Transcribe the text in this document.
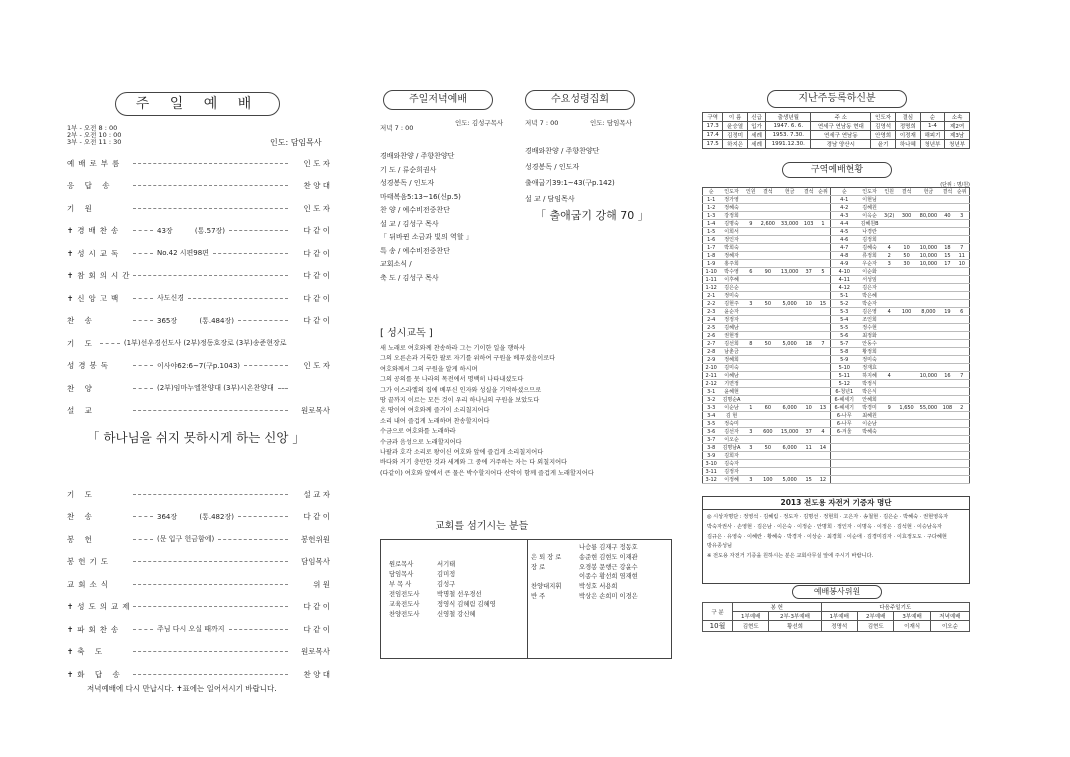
주 일 예 배
1부 - 오전 8 : 00
2부 - 오전 10 : 00
3부 - 오전 11 : 30	인도: 담임목사
예배로부름	인 도 자
응 답 송	찬 양 대
기 원	인 도 자
✝경배찬송	43장          (통.57장)	다 같 이
✝성시교독	No.42 시편98편	다 같 이
✝참회의시간	다 같 이
✝신앙고백	사도신경	다 같 이
찬 송	365장          (통.484장)	다 같 이
기 도	(1부)선우경선도사 (2부)정동호장로 (3부)송준현장로
성경봉독	이사야62:6~7(구p.1043)	인 도 자
찬 양	(2부)임마누엘찬양대 (3부)시온찬양대
설 교	원로목사
「 하나님을 쉬지 못하시게 하는 신앙 」
기 도	설 교 자
찬 송	364장          (통.482장)	다 같 이
봉 헌	(문 입구 헌금함에)	봉헌위원
봉헌기도	담임목사
교회소식	위 원
✝성도의교제	다 같 이
✝파회찬송	주님 다시 오실 때까지	다 같 이
✝축 도	원로목사
✝화 답 송	찬 양 대
저녁예배에 다시 만납시다. ✝표에는 일어서시기 바랍니다.
주일저녁예배	수요성령집회
저녁 7 : 00
인도: 김성구목사
경배와찬양 / 주향찬양단
기 도 / 류순희권사
성경봉독 / 인도자
마태복음5:13~16(신p.5)
찬 양 / 예수비전중찬단
설 교 / 김성구 목사
「 뒤바뀐 소금과 빛의 역할 」
특 송 / 예수비전중찬단
교회소식 /
축 도 / 김성구 목사
저녁 7 : 00	인도: 담임목사
경배와찬양 / 주향찬양단
성경봉독 / 인도자
출애굽기39:1~43(구p.142)
설 교 / 담임목사
「 출애굽기 강해 70 」
[ 성시교독 ]
새 노래로 여호와께 찬송하라 그는 기이한 일을 행하사
그의 오른손과 거룩한 팔로 자기를 위하여 구원을 베푸셨음이로다
여호와께서 그의 구원을 알게 하시며
그의 공의를 뭇 나라의 목전에서 명백히 나타내셨도다
그가 이스라엘의 집에 베푸신 인자와 성실을 기억하셨으므로
땅 끝까지 이르는 모든 것이 우리 하나님의 구원을 보았도다
온 땅이여 여호와께 즐거이 소리칠지어다
소리 내어 즐겁게 노래하며 찬송할지어다
수금으로 여호와를 노래하라
수금과 음성으로 노래할지어다
나팔과 호각 소리로 왕이신 여호와 앞에 즐겁게 소리칠지어다
바다와 거기 충만한 것과 세계와 그 중에 거주하는 자는 다 외칠지어다
(다같이) 여호와 앞에서 큰 물은 박수할지어다 산악이 함께 즐겁게 노래할지어다
교회를 섬기시는 분들
원로목사	서기태
담임목사	김미정
부 목 사	김성구
전임전도사	박명철 선우경선
교육전도사	정영식 김혜림 김혜영
찬양전도사	신영철 강신혜
나승룡 김재구 정동호
은 퇴 장 로	송준현 김현도 이재관
장 로	오경봉 문행근 강윤수
이종수 황선희 염재현
찬양대지휘	박성호 서용희
반 주	박상은 손희미 이경은
지난주등록하신분
구역	이 름	신급	출생년월	주 소	인도자	결심	순	소속
17.3	윤승열	입가	1947. 6. 6.	연세구 연남동 현대	김영석	정명희	1-4	제2여
17.4	김정미	세례	1953. 7.30.	연세구 연남동	안영희	이정재	해피기	제3남
17.5	하지은	세례	1991.12.30.	경남 양산시	윤기	하나혜	청년부	청년부
구역예배현황
(단위 : 명/원)
순	인도자	인원	결석	헌금	결석	순위	순	인도자	인원	결석	헌금	결석	순위
1-1	정가영						4-1	이현님					
1-2	정혜숙						4-2	김혜원					
1-3	강정희						4-3	이옥순	3(2)	300	80,000	40	3
1-4	김명숙	9	2,600	33,000	103	1	4-4	김혜원B					
1-5	이희서						4-5	나경란					
1-6	정인자						4-6	김정희					
1-7	박희숙						4-7	김혜숙	4	10	10,000	18	7
1-8	정혜자						4-8	류정희	2	50	10,000	15	11
1-9	홍주희						4-9	우순자	3	30	10,000	17	10
1-10	박수영	6	90	13,000	37	5	4-10	이순화					
1-11	이후혜						4-11	서성임					
1-12	김은순						4-12	김은자					
2-1	정미숙						5-1	박은혜					
2-2	김현주	3	50	5,000	10	15	5-2	박순자					
2-3	윤순자						5-3	김은영	4	100	8,000	19	6
2-4	정정자						5-4	조인희					
2-5	김혜남						5-5	정수현					
2-6	권현정						5-6	최정화					
2-7	김선희	8	50	5,000	18	7	5-7	안동수					
2-8	남춘금						5-8	황정희					
2-9	정혜희						5-9	정미숙					
2-10	김미숙						5-10	정재효					
2-11	이혜남						5-11	하지혜	4		10,000	16	7
2-12	기면정						5-12	박정식					
3-1	윤혜현						6-청년1	박은식					
3-2	김명순A						6-헤세기	안혜희					
3-3	이순남	1	60	6,000	10	13	6-헤세기	박경미	9	1,650	55,000	108	2
3-4	김 현						6-나무	최혜원					
3-5	정숙미						6-나무	이순남					
3-6	김선자	3	600	15,000	37	4	6-겨울	박혜숙					
3-7	이오순												
3-8	김명남A	3	50	6,000	11	14							
3-9	김희자												
3-10	김숙자												
3-11	김정자												
3-12	이정혜	3	100	5,000	15	12							
2013 전도용 자전거 기증자 명단
◎ 시상자명단 : 정영석 · 김혜림 · 정도자 · 김명선 · 정현희 · 고은자 · 송철현 · 김은순 · 박혜숙 · 권현영옥자
박숙자권사 · 손영현 · 김은남 · 이은숙 · 이정순 · 안명희 · 정인자 · 이명옥 · 이정은 · 김석현 · 이승남옥자
김규은 · 유영숙 · 이혜란 · 황혜숙 · 박경자 · 이상순 · 최경희 · 이순애 · 김경미김자 · 이효정도도 · 구다혜현
방유종성님
※ 전도용 자전거 기증을 원하시는 분은 교회사무실 앞에 주시기 바랍니다.
예배봉사위원
구 분	봉 헌		다음주일기도			
	1부예배	2부·3부예배	1부예배	2부예배	3부예배	저녁예배
10월	김현도	황선희	정명석	김현도	이재식	이오순
